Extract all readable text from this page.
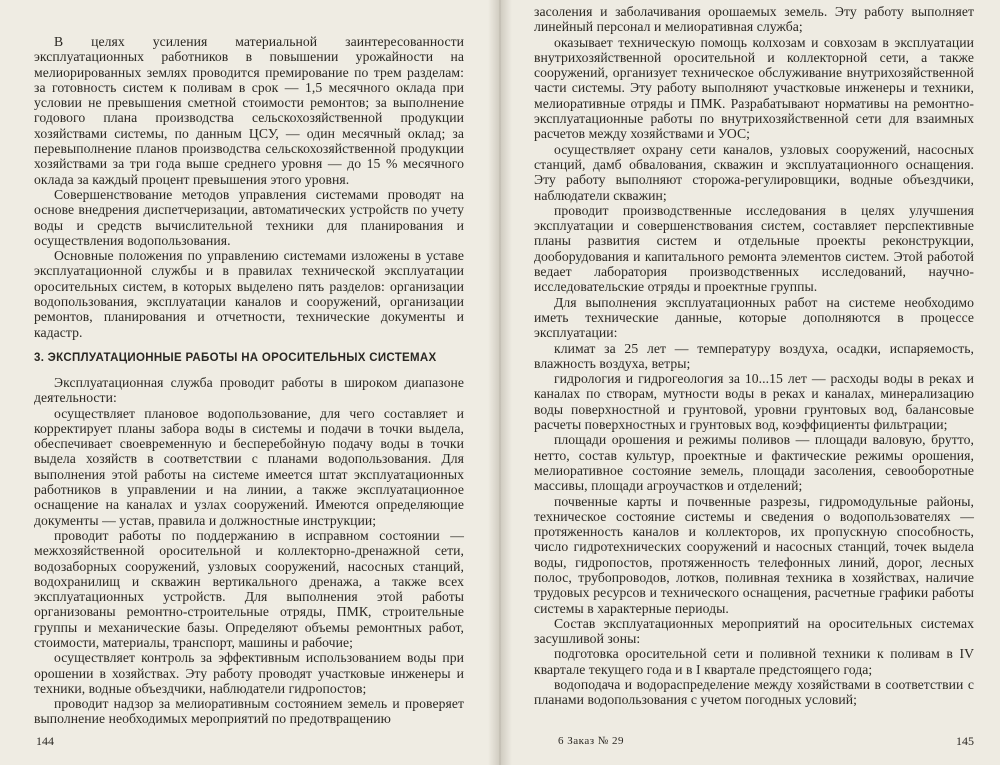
В целях усиления материальной заинтересованности эксплуатационных работников в повышении урожайности на мелиорированных землях проводится премирование по трем разделам: за готовность систем к поливам в срок — 1,5 месячного оклада при условии не превышения сметной стоимости ремонтов; за выполнение годового плана производства сельскохозяйственной продукции хозяйствами системы, по данным ЦСУ, — один месячный оклад; за перевыполнение планов производства сельскохозяйственной продукции хозяйствами за три года выше среднего уровня — до 15 % месячного оклада за каждый процент превышения этого уровня.

Совершенствование методов управления системами проводят на основе внедрения диспетчеризации, автоматических устройств по учету воды и средств вычислительной техники для планирования и осуществления водопользования.

Основные положения по управлению системами изложены в уставе эксплуатационной службы и в правилах технической эксплуатации оросительных систем, в которых выделено пять разделов: организации водопользования, эксплуатации каналов и сооружений, организации ремонтов, планирования и отчетности, технические документы и кадастр.

3. ЭКСПЛУАТАЦИОННЫЕ РАБОТЫ НА ОРОСИТЕЛЬНЫХ СИСТЕМАХ

Эксплуатационная служба проводит работы в широком диапазоне деятельности:

осуществляет плановое водопользование, для чего составляет и корректирует планы забора воды в системы и подачи в точки выдела, обеспечивает своевременную и бесперебойную подачу воды в точки выдела хозяйств в соответствии с планами водопользования. Для выполнения этой работы на системе имеется штат эксплуатационных работников в управлении и на линии, а также эксплуатационное оснащение на каналах и узлах сооружений. Имеются определяющие документы — устав, правила и должностные инструкции;

проводит работы по поддержанию в исправном состоянии — межхозяйственной оросительной и коллекторно-дренажной сети, водозаборных сооружений, узловых сооружений, насосных станций, водохранилищ и скважин вертикального дренажа, а также всех эксплуатационных устройств. Для выполнения этой работы организованы ремонтно-строительные отряды, ПМК, строительные группы и механические базы. Определяют объемы ремонтных работ, стоимости, материалы, транспорт, машины и рабочие;

осуществляет контроль за эффективным использованием воды при орошении в хозяйствах. Эту работу проводят участковые инженеры и техники, водные объездчики, наблюдатели гидропостов;

проводит надзор за мелиоративным состоянием земель и проверяет выполнение необходимых мероприятий по предотвращению

144

засоления и заболачивания орошаемых земель. Эту работу выполняет линейный персонал и мелиоративная служба;

оказывает техническую помощь колхозам и совхозам в эксплуатации внутрихозяйственной оросительной и коллекторной сети, а также сооружений, организует техническое обслуживание внутрихозяйственной части системы. Эту работу выполняют участковые инженеры и техники, мелиоративные отряды и ПМК. Разрабатывают нормативы на ремонтно-эксплуатационные работы по внутрихозяйственной сети для взаимных расчетов между хозяйствами и УОС;

осуществляет охрану сети каналов, узловых сооружений, насосных станций, дамб обвалования, скважин и эксплуатационного оснащения. Эту работу выполняют сторожа-регулировщики, водные объездчики, наблюдатели скважин;

проводит производственные исследования в целях улучшения эксплуатации и совершенствования систем, составляет перспективные планы развития систем и отдельные проекты реконструкции, дооборудования и капитального ремонта элементов систем. Этой работой ведает лаборатория производственных исследований, научно-исследовательские отряды и проектные группы.

Для выполнения эксплуатационных работ на системе необходимо иметь технические данные, которые дополняются в процессе эксплуатации:

климат за 25 лет — температуру воздуха, осадки, испаряемость, влажность воздуха, ветры;

гидрология и гидрогеология за 10...15 лет — расходы воды в реках и каналах по створам, мутности воды в реках и каналах, минерализацию воды поверхностной и грунтовой, уровни грунтовых вод, балансовые расчеты поверхностных и грунтовых вод, коэффициенты фильтрации;

площади орошения и режимы поливов — площади валовую, брутто, нетто, состав культур, проектные и фактические режимы орошения, мелиоративное состояние земель, площади засоления, севооборотные массивы, площади агроучастков и отделений;

почвенные карты и почвенные разрезы, гидромодульные районы, техническое состояние системы и сведения о водопользователях — протяженность каналов и коллекторов, их пропускную способность, число гидротехнических сооружений и насосных станций, точек выдела воды, гидропостов, протяженность телефонных линий, дорог, лесных полос, трубопроводов, лотков, поливная техника в хозяйствах, наличие трудовых ресурсов и технического оснащения, расчетные графики работы системы в характерные периоды.

Состав эксплуатационных мероприятий на оросительных системах засушливой зоны:

подготовка оросительной сети и поливной техники к поливам в IV квартале текущего года и в I квартале предстоящего года;

водоподача и водораспределение между хозяйствами в соответствии с планами водопользования с учетом погодных условий;

6 Заказ № 29	145
